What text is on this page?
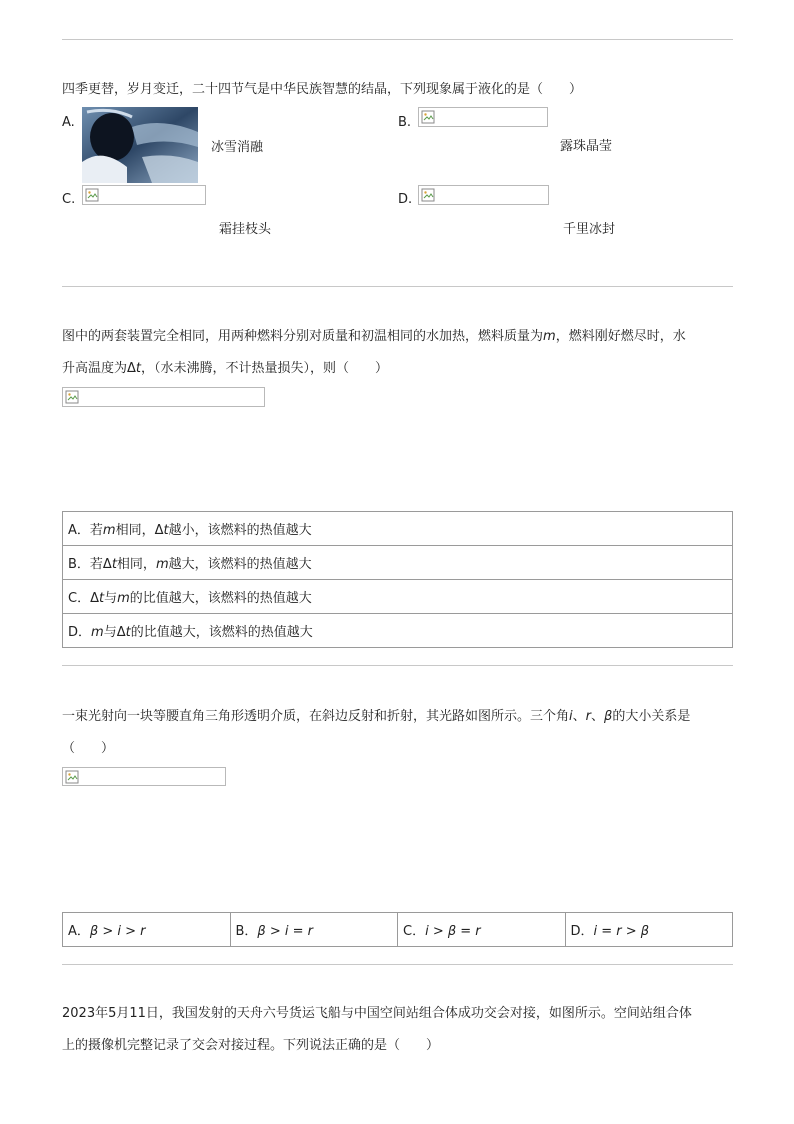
四季更替，岁月变迁，二十四节气是中华民族智慧的结晶，下列现象属于液化的是（　　）
A.
冰雪消融
B.
露珠晶莹
C.
霜挂枝头
D.
千里冰封
图中的两套装置完全相同，用两种燃料分别对质量和初温相同的水加热，燃料质量为m，燃料刚好燃尽时，水
升高温度为Δt，（水未沸腾，不计热量损失），则（　　）
A．若m相同，Δt越小，该燃料的热值越大
B．若Δt相同，m越大，该燃料的热值越大
C．Δt与m的比值越大，该燃料的热值越大
D．m与Δt的比值越大，该燃料的热值越大
一束光射向一块等腰直角三角形透明介质，在斜边反射和折射，其光路如图所示。三个角i、r、β的大小关系是
（　　）
A．β > i > r	B．β > i = r	C．i > β = r	D．i = r > β
2023年5月11日，我国发射的天舟六号货运飞船与中国空间站组合体成功交会对接，如图所示。空间站组合体
上的摄像机完整记录了交会对接过程。下列说法正确的是（　　）
